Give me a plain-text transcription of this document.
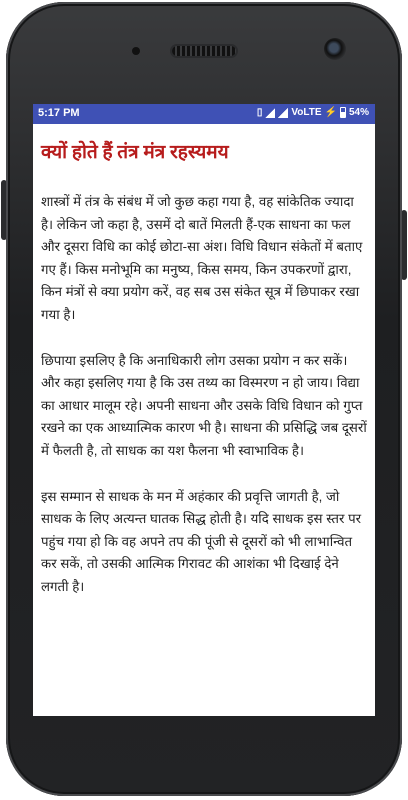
5:17 PM	▯	VoLTE ⚡ 54%
क्यों होते हैं तंत्र मंत्र रहस्यमय

शास्त्रों में तंत्र के संबंध में जो कुछ कहा गया है, वह सांकेतिक ज्यादा है। लेकिन जो कहा है, उसमें दो बातें मिलती हैं-एक साधना का फल और दूसरा विधि का कोई छोटा-सा अंश। विधि विधान संकेतों में बताए गए हैं। किस मनोभूमि का मनुष्य, किस समय, किन उपकरणों द्वारा, किन मंत्रों से क्या प्रयोग करें, वह सब उस संकेत सूत्र में छिपाकर रखा गया है।

छिपाया इसलिए है कि अनाधिकारी लोग उसका प्रयोग न कर सकें। और कहा इसलिए गया है कि उस तथ्य का विस्मरण न हो जाय। विद्या का आधार मालूम रहे। अपनी साधना और उसके विधि विधान को गुप्त रखने का एक आध्यात्मिक कारण भी है। साधना की प्रसिद्धि जब दूसरों में फैलती है, तो साधक का यश फैलना भी स्वाभाविक है।

इस सम्मान से साधक के मन में अहंकार की प्रवृत्ति जागती है, जो साधक के लिए अत्यन्त घातक सिद्ध होती है। यदि साधक इस स्तर पर पहुंच गया हो कि वह अपने तप की पूंजी से दूसरों को भी लाभान्वित कर सकें, तो उसकी आत्मिक गिरावट की आशंका भी दिखाई देने लगती है।
